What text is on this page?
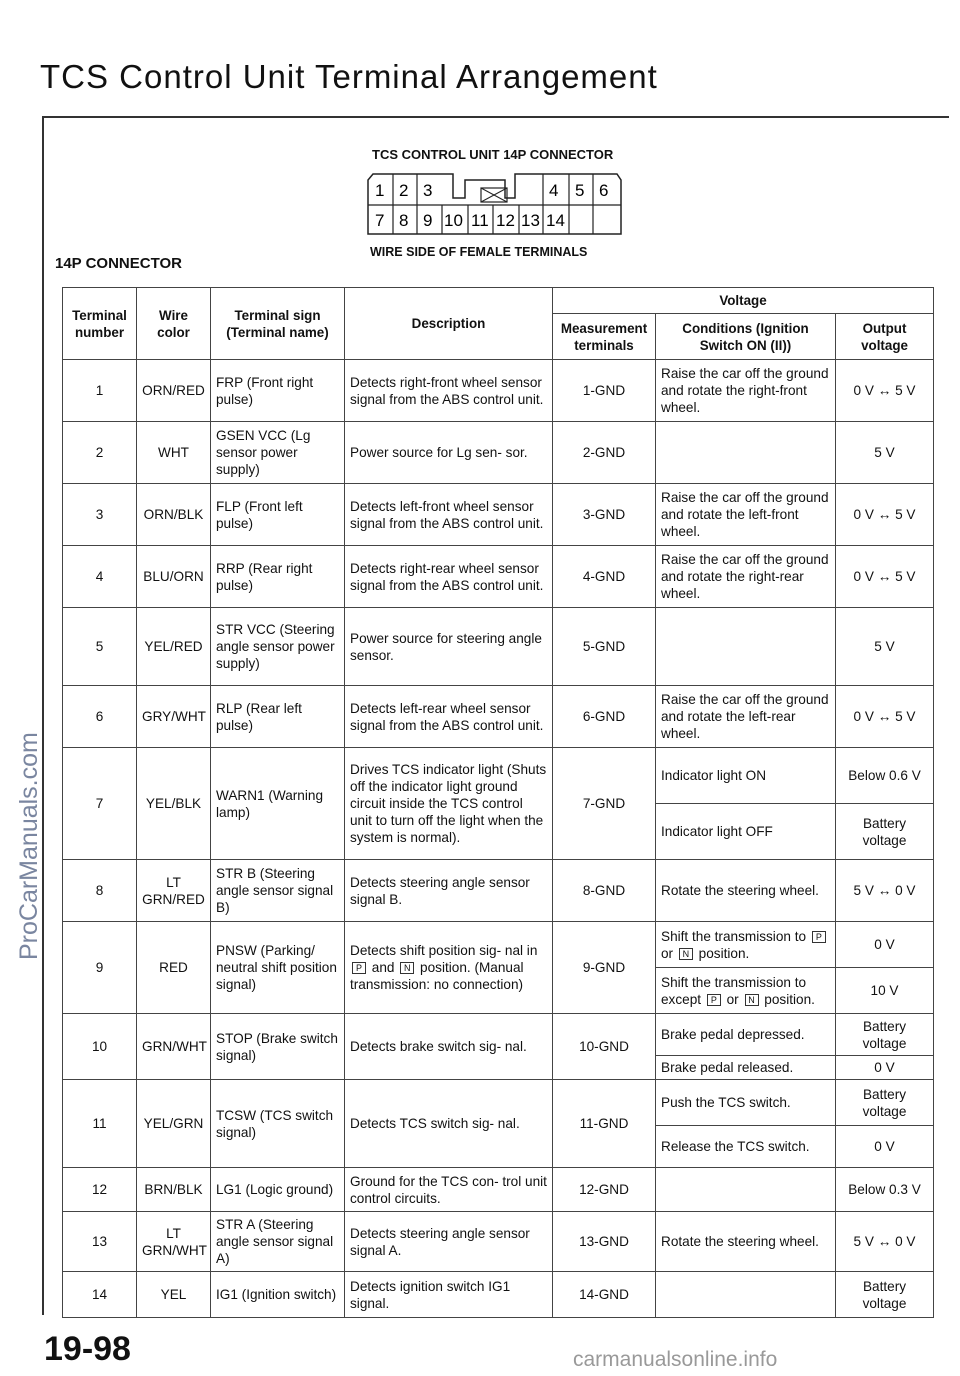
TCS Control Unit Terminal Arrangement
TCS CONTROL UNIT 14P CONNECTOR
1 2 3	4 5 6
7 8 9 10 11 12 13 14
WIRE SIDE OF FEMALE TERMINALS
14P CONNECTOR
Terminal number	Wire color	Terminal sign (Terminal name)	Description	Voltage		
				Measurement terminals	Conditions (Ignition Switch ON (II))	Output voltage
1	ORN/RED	FRP (Front right pulse)	Detects right-front wheel sensor signal from the ABS control unit.	1-GND	Raise the car off the ground and rotate the right-front wheel.	0 V ↔ 5 V
2	WHT	GSEN VCC (Lg sensor power supply)	Power source for Lg sen- sor.	2-GND		5 V
3	ORN/BLK	FLP (Front left pulse)	Detects left-front wheel sensor signal from the ABS control unit.	3-GND	Raise the car off the ground and rotate the left-front wheel.	0 V ↔ 5 V
4	BLU/ORN	RRP (Rear right pulse)	Detects right-rear wheel sensor signal from the ABS control unit.	4-GND	Raise the car off the ground and rotate the right-rear wheel.	0 V ↔ 5 V
5	YEL/RED	STR VCC (Steering angle sensor power supply)	Power source for steering angle sensor.	5-GND		5 V
6	GRY/WHT	RLP (Rear left pulse)	Detects left-rear wheel sensor signal from the ABS control unit.	6-GND	Raise the car off the ground and rotate the left-rear wheel.	0 V ↔ 5 V
7	YEL/BLK	WARN1 (Warning lamp)	Drives TCS indicator light (Shuts off the indicator light ground circuit inside the TCS control unit to turn off the light when the system is normal).	7-GND	Indicator light ON	Below 0.6 V
					Indicator light OFF	Battery voltage
8	LT GRN/RED	STR B (Steering angle sensor signal B)	Detects steering angle sensor signal B.	8-GND	Rotate the steering wheel.	5 V ↔ 0 V
9	RED	PNSW (Parking/ neutral shift position signal)	Detects shift position sig- nal in P and N position. (Manual transmission: no connection)	9-GND	Shift the transmission to P or N position.	0 V
					Shift the transmission to except P or N position.	10 V
10	GRN/WHT	STOP (Brake switch signal)	Detects brake switch sig- nal.	10-GND	Brake pedal depressed.	Battery voltage
					Brake pedal released.	0 V
11	YEL/GRN	TCSW (TCS switch signal)	Detects TCS switch sig- nal.	11-GND	Push the TCS switch.	Battery voltage
					Release the TCS switch.	0 V
12	BRN/BLK	LG1 (Logic ground)	Ground for the TCS con- trol unit control circuits.	12-GND		Below 0.3 V
13	LT GRN/WHT	STR A (Steering angle sensor signal A)	Detects steering angle sensor signal A.	13-GND	Rotate the steering wheel.	5 V ↔ 0 V
14	YEL	IG1 (Ignition switch)	Detects ignition switch IG1 signal.	14-GND		Battery voltage
ProCarManuals.com
19-98	carmanualsonline.info
